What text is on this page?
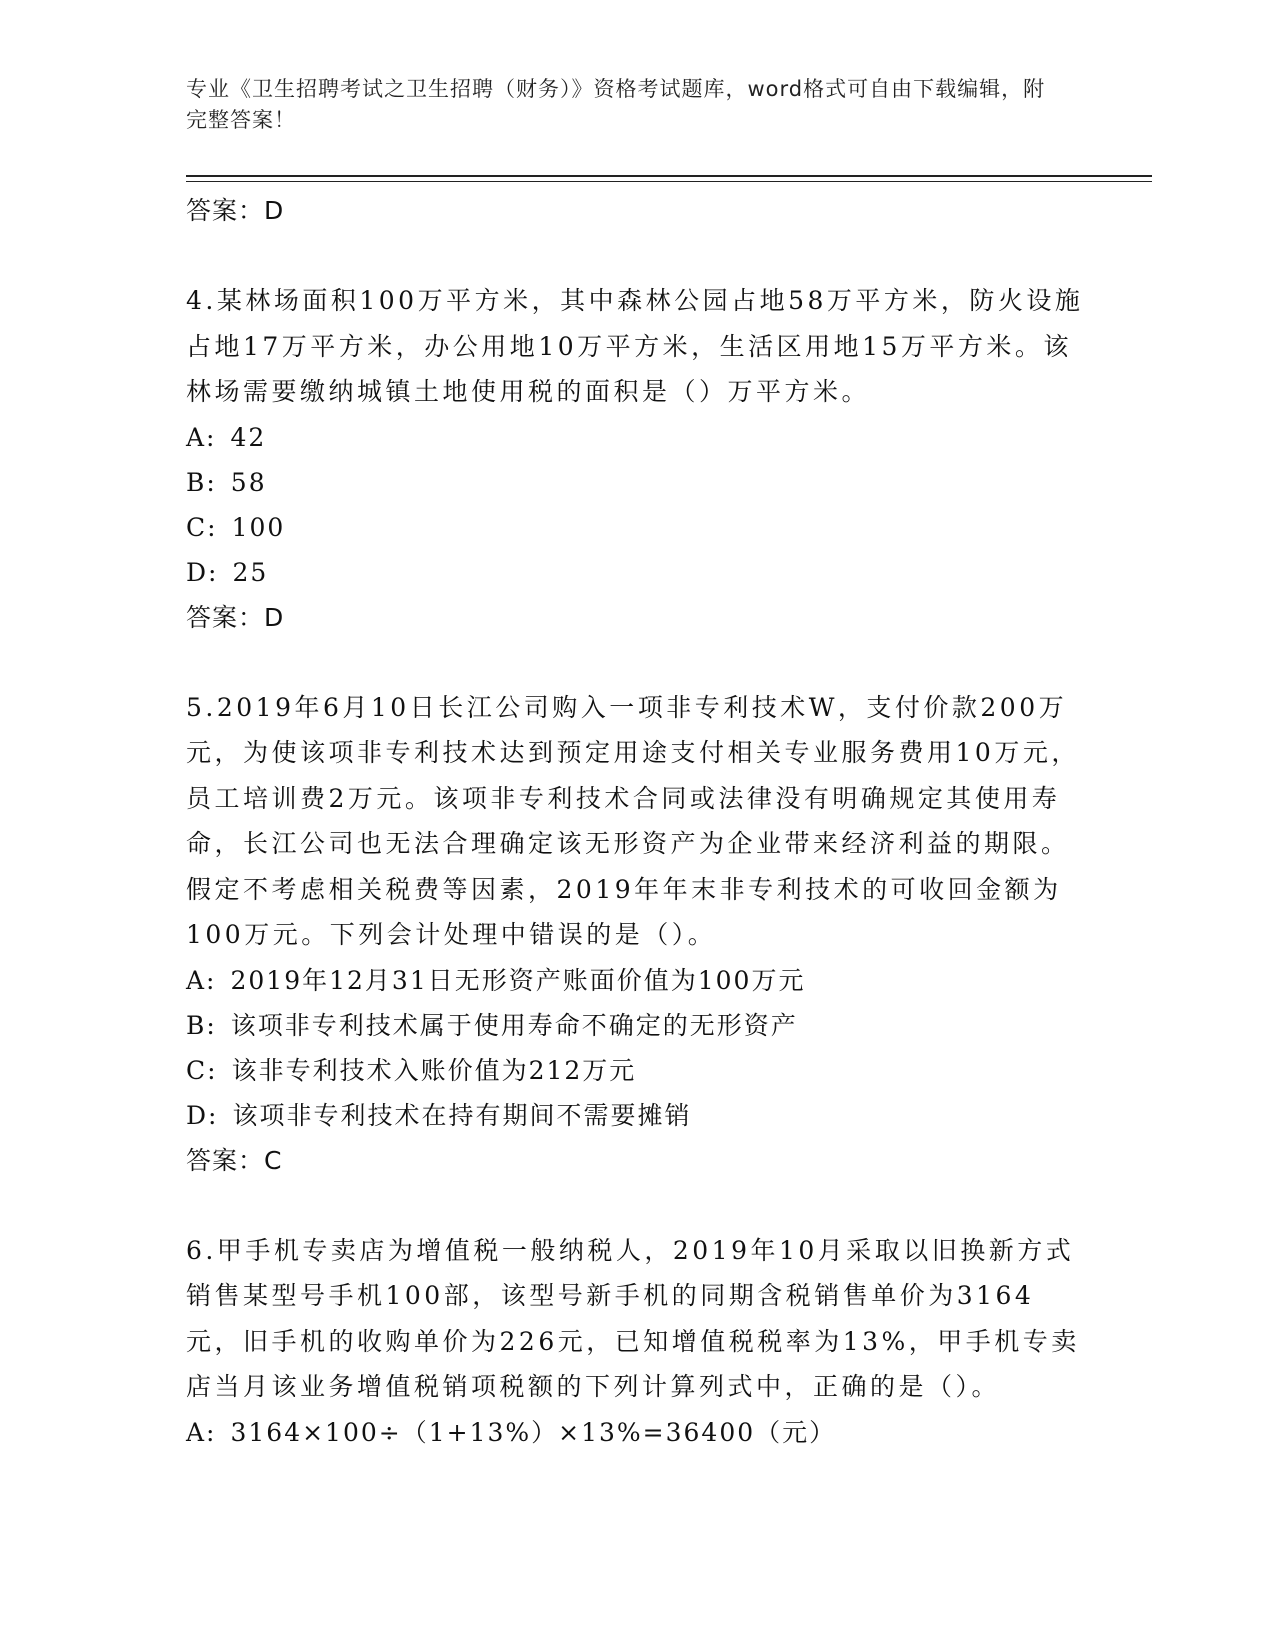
专业《卫生招聘考试之卫生招聘（财务）》资格考试题库，word格式可自由下载编辑，附完整答案！

答案：D

4.某林场面积100万平方米，其中森林公园占地58万平方米，防火设施占地17万平方米，办公用地10万平方米，生活区用地15万平方米。该林场需要缴纳城镇土地使用税的面积是（）万平方米。

A: 42

B: 58

C: 100

D: 25

答案：D

5.2019年6月10日长江公司购入一项非专利技术W，支付价款200万元，为使该项非专利技术达到预定用途支付相关专业服务费用10万元，员工培训费2万元。该项非专利技术合同或法律没有明确规定其使用寿命，长江公司也无法合理确定该无形资产为企业带来经济利益的期限。假定不考虑相关税费等因素，2019年年末非专利技术的可收回金额为100万元。下列会计处理中错误的是（）。

A: 2019年12月31日无形资产账面价值为100万元

B: 该项非专利技术属于使用寿命不确定的无形资产

C: 该非专利技术入账价值为212万元

D: 该项非专利技术在持有期间不需要摊销

答案：C

6.甲手机专卖店为增值税一般纳税人，2019年10月采取以旧换新方式销售某型号手机100部，该型号新手机的同期含税销售单价为3164元，旧手机的收购单价为226元，已知增值税税率为13%，甲手机专卖店当月该业务增值税销项税额的下列计算列式中，正确的是（）。

A: 3164×100÷（1+13%）×13%=36400（元）
